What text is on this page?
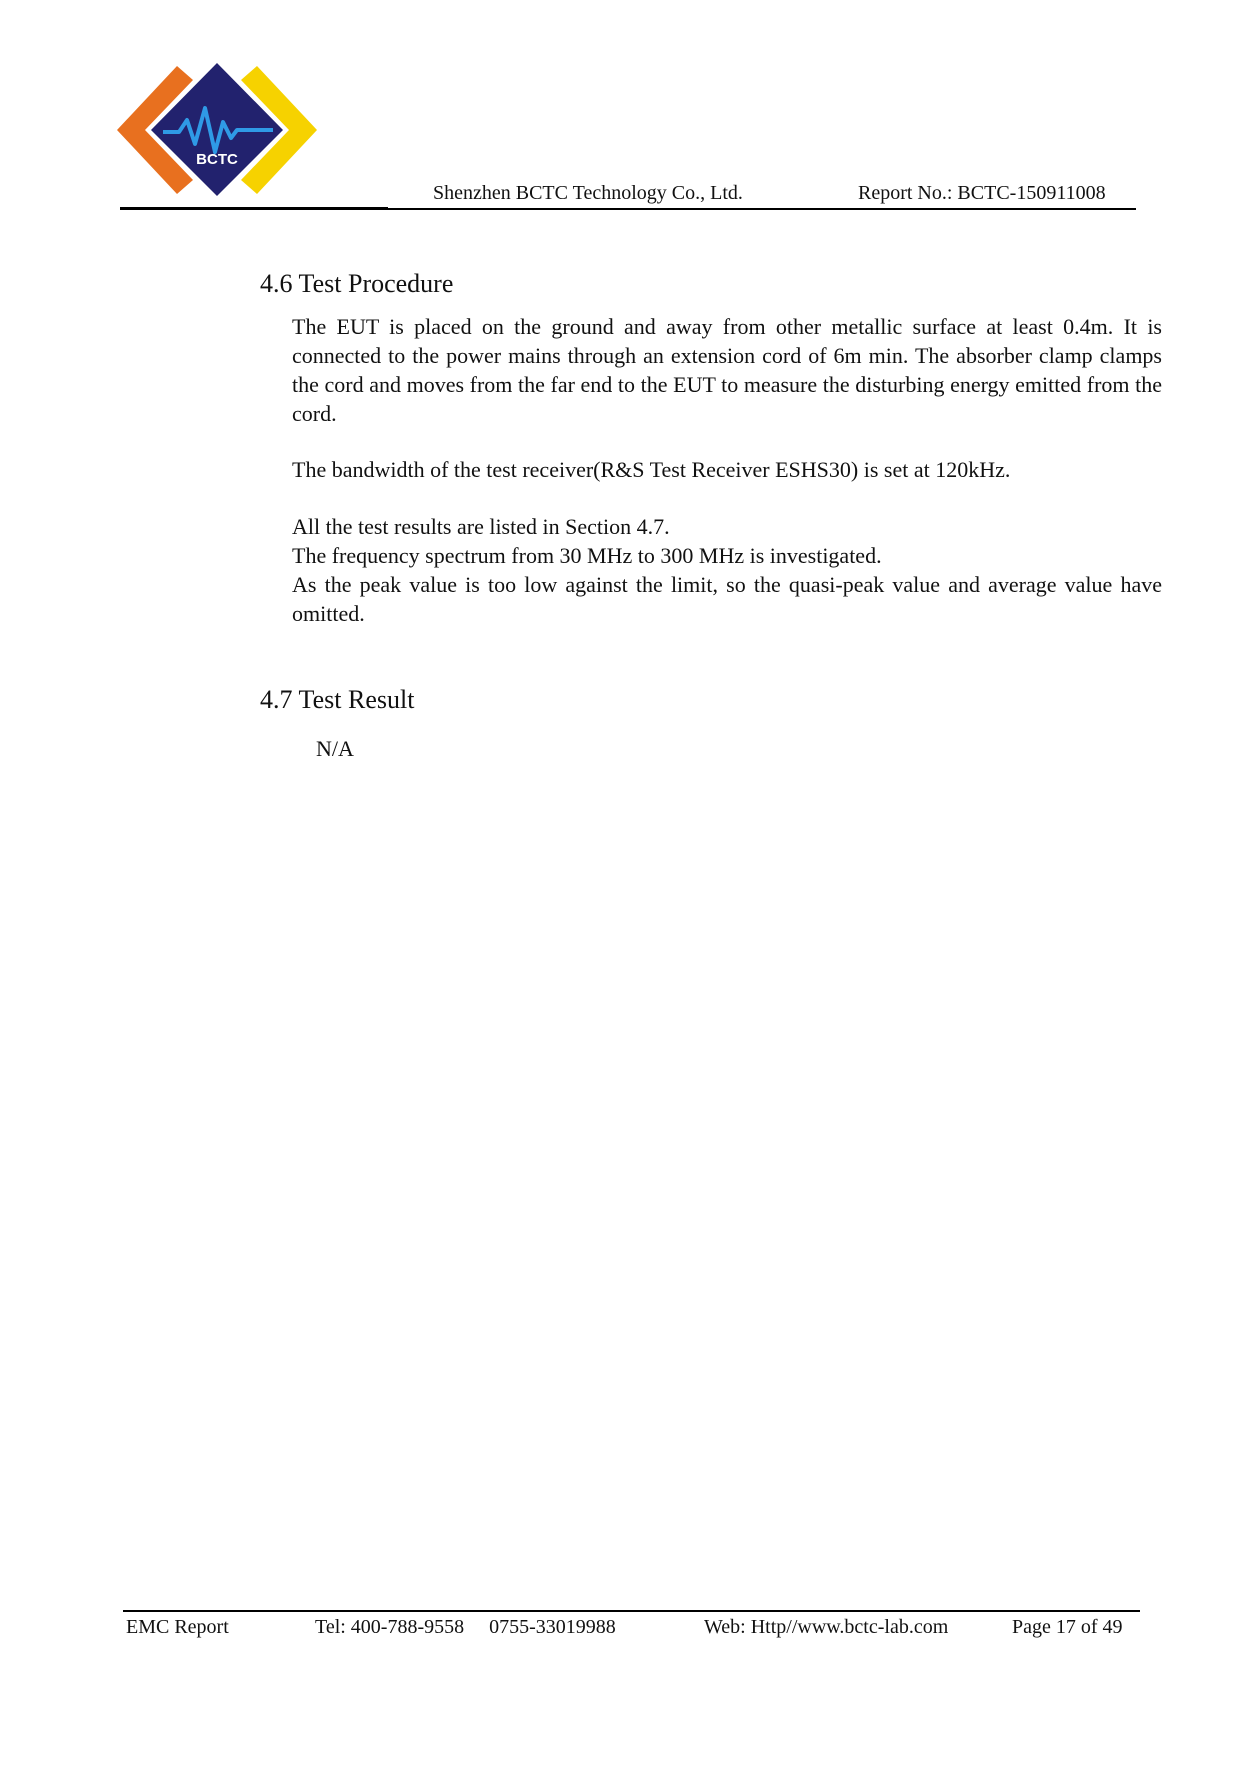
BCTC
Shenzhen BCTC Technology Co., Ltd.	Report No.: BCTC-150911008
4.6 Test Procedure
The EUT is placed on the ground and away from other metallic surface at least 0.4m. It is connected to the power mains through an extension cord of 6m min. The absorber clamp clamps the cord and moves from the far end to the EUT to measure the disturbing energy emitted from the cord.
The bandwidth of the test receiver(R&S Test Receiver ESHS30) is set at 120kHz.
All the test results are listed in Section 4.7.
The frequency spectrum from 30 MHz to 300 MHz is investigated.
As the peak value is too low against the limit, so the quasi-peak value and average value have omitted.
4.7 Test Result
N/A
EMC Report	Tel: 400-788-9558     0755-33019988	Web: Http//www.bctc-lab.com	Page 17 of 49
